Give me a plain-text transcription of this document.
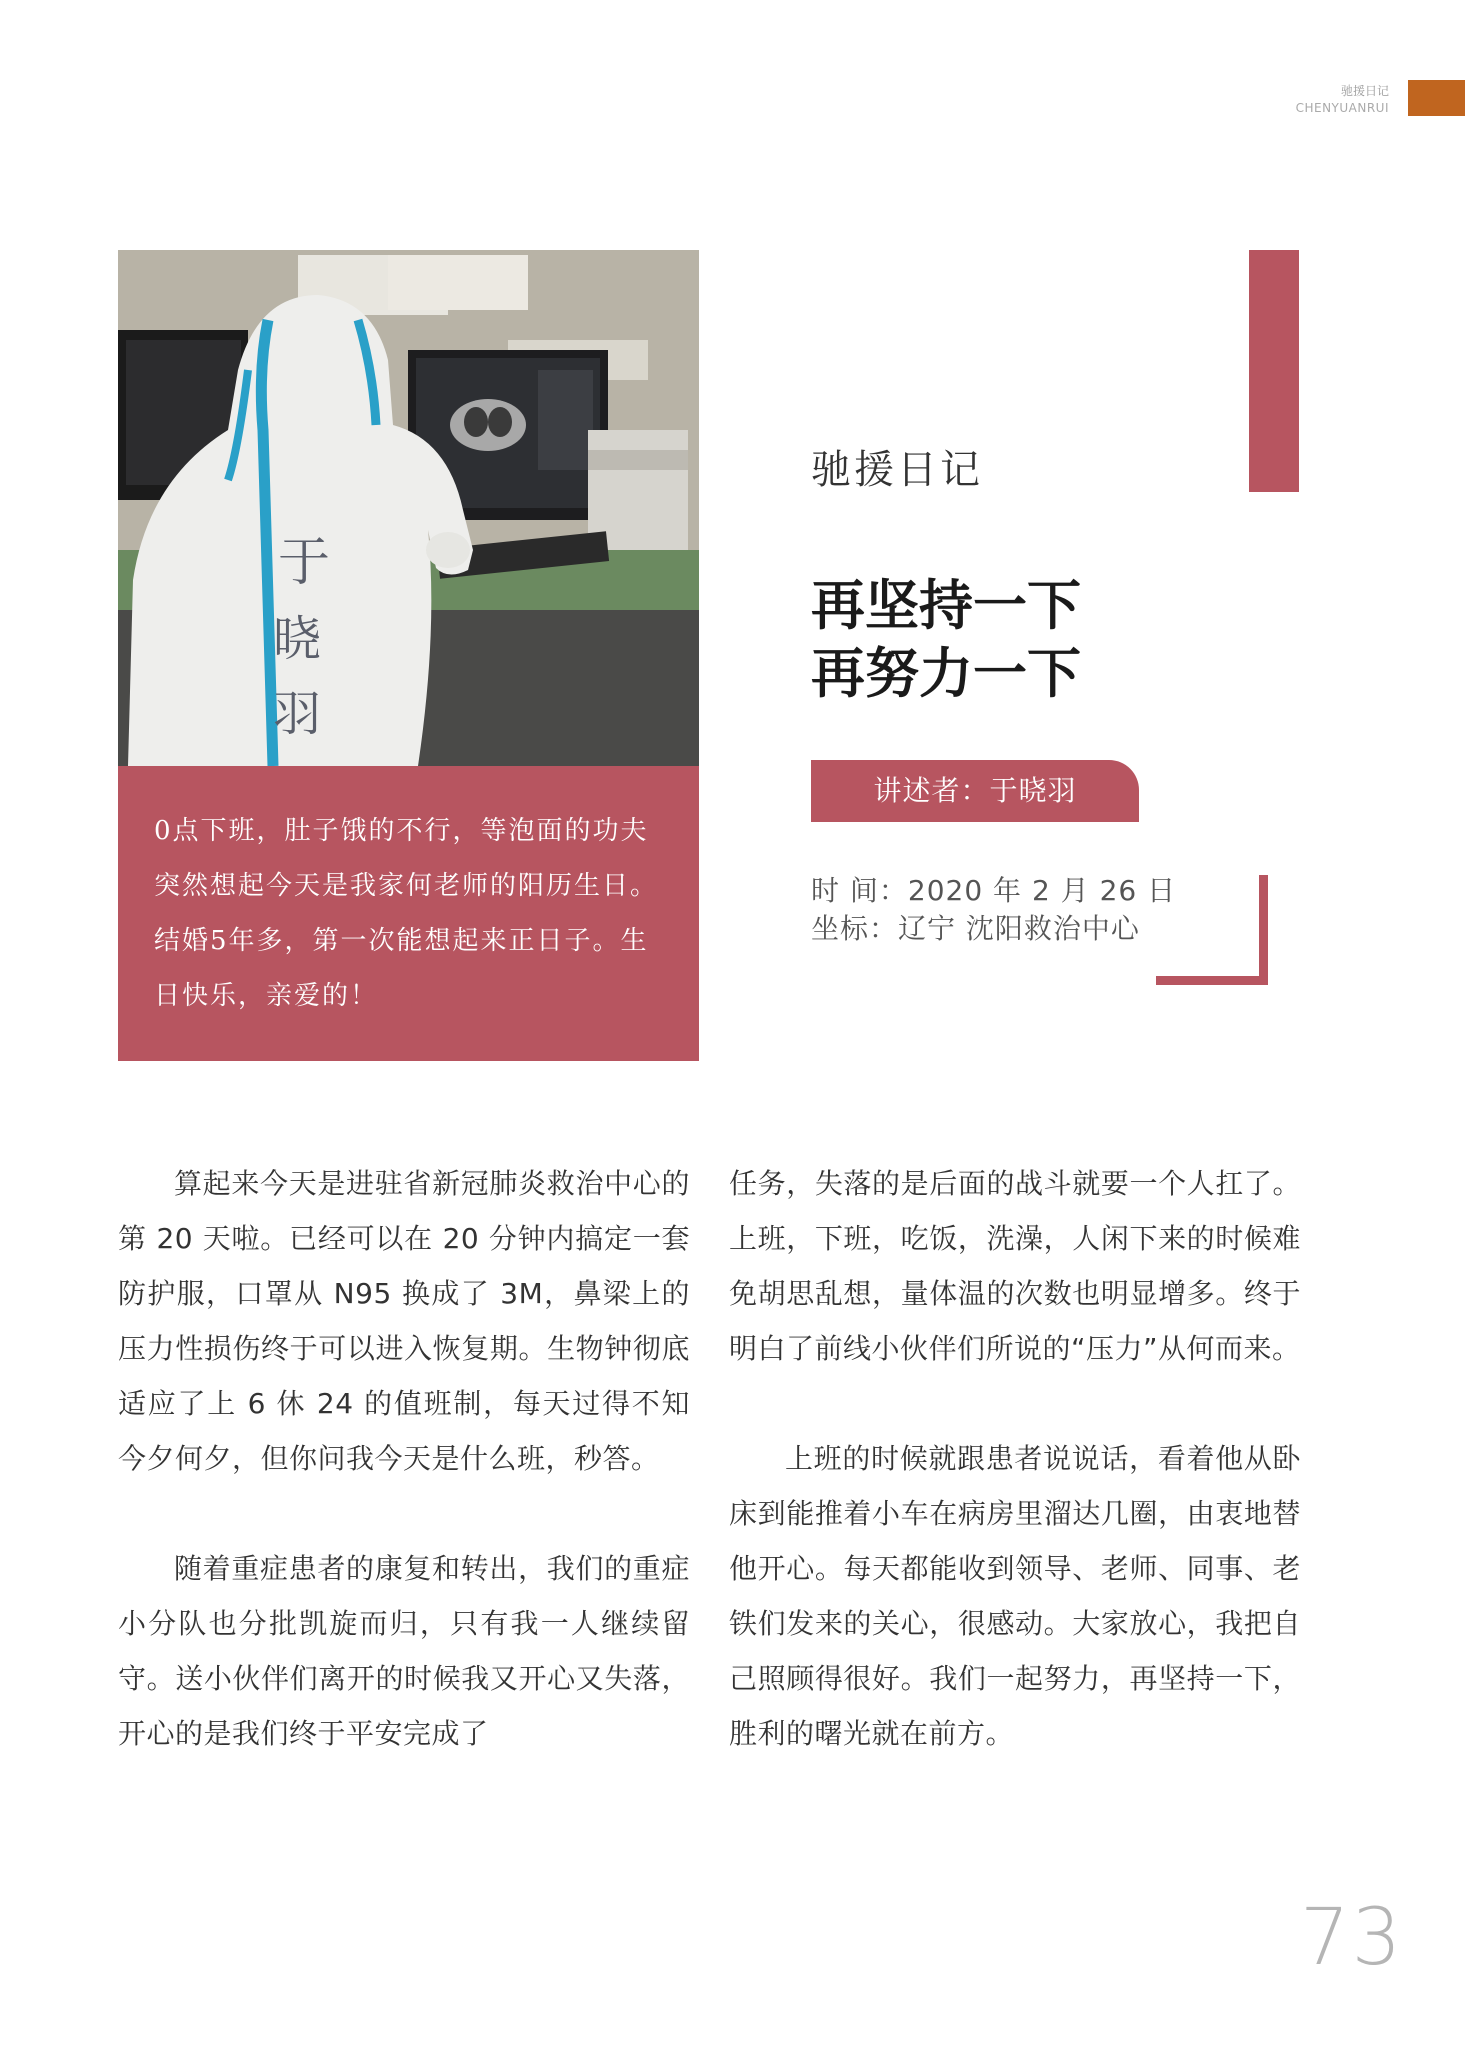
驰援日记
CHENYUANRUI
于
晓
羽

0点下班，肚子饿的不行，等泡面的功夫突然想起今天是我家何老师的阳历生日。结婚5年多，第一次能想起来正日子。生日快乐，亲爱的！

驰援日记
再坚持一下
再努力一下
讲述者：于晓羽
时 间：2020 年 2 月 26 日
坐标：辽宁 沈阳救治中心

算起来今天是进驻省新冠肺炎救治中心的第 20 天啦。已经可以在 20 分钟内搞定一套防护服，口罩从 N95 换成了 3M，鼻梁上的压力性损伤终于可以进入恢复期。生物钟彻底适应了上 6 休 24 的值班制，每天过得不知今夕何夕，但你问我今天是什么班，秒答。

随着重症患者的康复和转出，我们的重症小分队也分批凯旋而归，只有我一人继续留守。送小伙伴们离开的时候我又开心又失落，开心的是我们终于平安完成了

任务，失落的是后面的战斗就要一个人扛了。上班，下班，吃饭，洗澡，人闲下来的时候难免胡思乱想，量体温的次数也明显增多。终于明白了前线小伙伴们所说的“压力”从何而来。

上班的时候就跟患者说说话，看着他从卧床到能推着小车在病房里溜达几圈，由衷地替他开心。每天都能收到领导、老师、同事、老铁们发来的关心，很感动。大家放心，我把自己照顾得很好。我们一起努力，再坚持一下，胜利的曙光就在前方。

73
